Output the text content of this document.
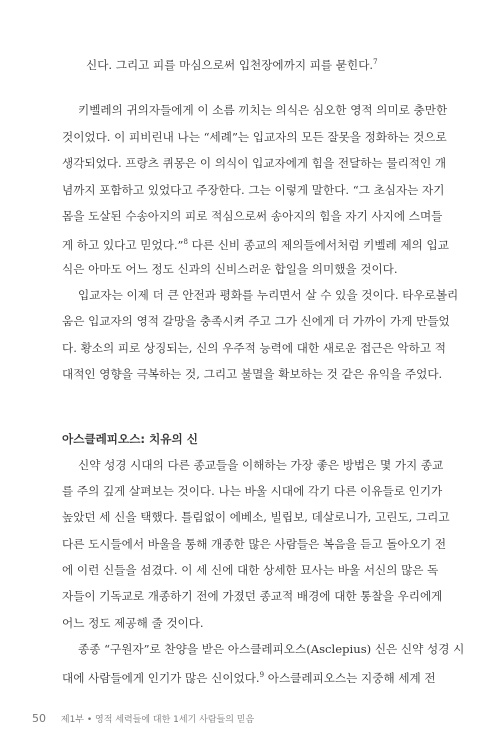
신다. 그리고 피를 마심으로써 입천장에까지 피를 묻힌다.$^7$
키벨레의 귀의자들에게 이 소름 끼치는 의식은 심오한 영적 의미로 충만한
것이었다. 이 피비린내 나는 “세례”는 입교자의 모든 잘못을 정화하는 것으로
생각되었다. 프랑츠 퀴몽은 이 의식이 입교자에게 힘을 전달하는 물리적인 개
념까지 포함하고 있었다고 주장한다. 그는 이렇게 말한다. “그 초심자는 자기
몸을 도살된 수송아지의 피로 적심으로써 송아지의 힘을 자기 사지에 스며들
게 하고 있다고 믿었다.”$^8$ 다른 신비 종교의 제의들에서처럼 키벨레 제의 입교
식은 아마도 어느 정도 신과의 신비스러운 합일을 의미했을 것이다.
입교자는 이제 더 큰 안전과 평화를 누리면서 살 수 있을 것이다. 타우로볼리
움은 입교자의 영적 갈망을 충족시켜 주고 그가 신에게 더 가까이 가게 만들었
다. 황소의 피로 상징되는, 신의 우주적 능력에 대한 새로운 접근은 악하고 적
대적인 영향을 극복하는 것, 그리고 불멸을 확보하는 것 같은 유익을 주었다.
아스클레피오스: 치유의 신
신약 성경 시대의 다른 종교들을 이해하는 가장 좋은 방법은 몇 가지 종교
를 주의 깊게 살펴보는 것이다. 나는 바울 시대에 각기 다른 이유들로 인기가
높았던 세 신을 택했다. 틀림없이 에베소, 빌립보, 데살로니가, 고린도, 그리고
다른 도시들에서 바울을 통해 개종한 많은 사람들은 복음을 듣고 돌아오기 전
에 이런 신들을 섬겼다. 이 세 신에 대한 상세한 묘사는 바울 서신의 많은 독
자들이 기독교로 개종하기 전에 가졌던 종교적 배경에 대한 통찰을 우리에게
어느 정도 제공해 줄 것이다.
종종 “구원자”로 찬양을 받은 아스클레피오스(Asclepius) 신은 신약 성경 시
대에 사람들에게 인기가 많은 신이었다.$^9$ 아스클레피오스는 지중해 세계 전
50 제1부 • 영적 세력들에 대한 1세기 사람들의 믿음
